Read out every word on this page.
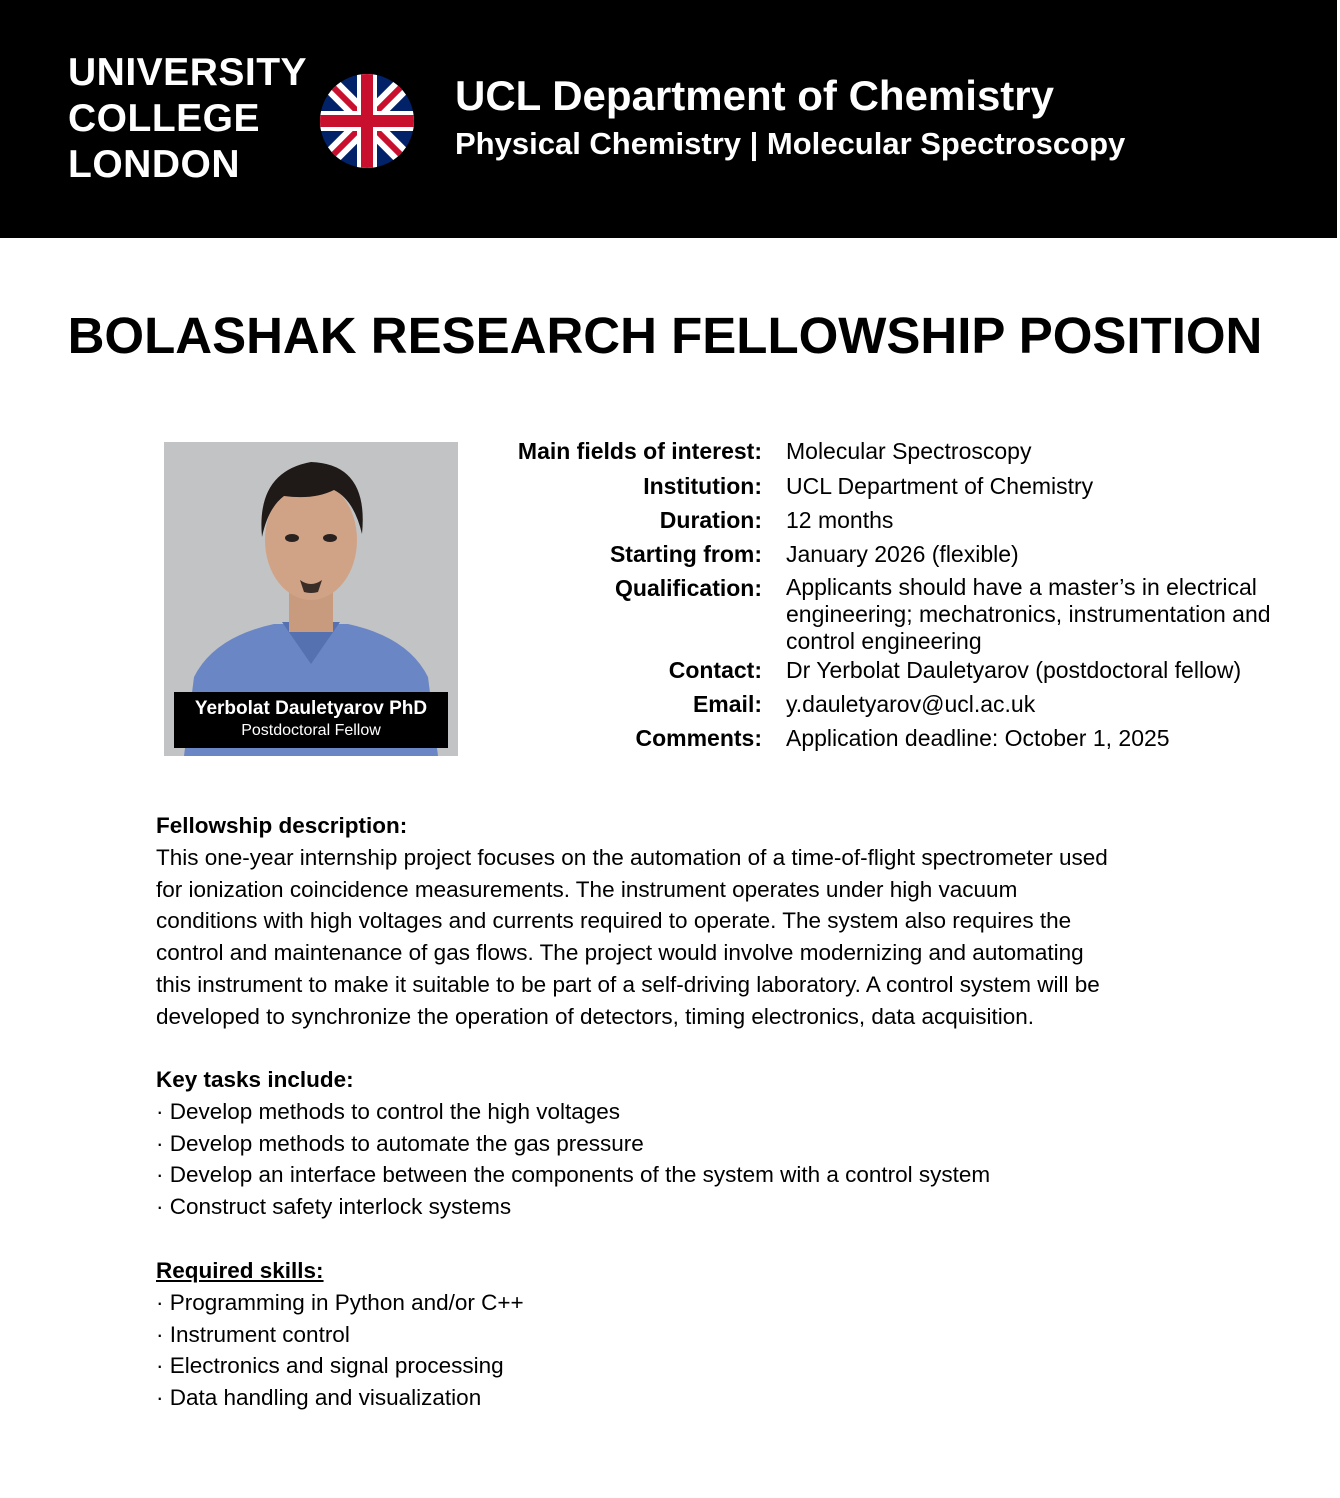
UNIVERSITY
COLLEGE
LONDON
UCL Department of Chemistry
Physical Chemistry | Molecular Spectroscopy
BOLASHAK RESEARCH FELLOWSHIP POSITION
Yerbolat Dauletyarov PhD
Postdoctoral Fellow
Main fields of interest: Molecular Spectroscopy
Institution: UCL Department of Chemistry
Duration: 12 months
Starting from: January 2026 (flexible)
Qualification: Applicants should have a master’s in electrical engineering; mechatronics, instrumentation and control engineering
Contact: Dr Yerbolat Dauletyarov (postdoctoral fellow)
Email: y.dauletyarov@ucl.ac.uk
Comments: Application deadline: October 1, 2025
Fellowship description:
This one-year internship project focuses on the automation of a time-of-flight spectrometer used
for ionization coincidence measurements. The instrument operates under high vacuum
conditions with high voltages and currents required to operate. The system also requires the
control and maintenance of gas flows. The project would involve modernizing and automating
this instrument to make it suitable to be part of a self-driving laboratory. A control system will be
developed to synchronize the operation of detectors, timing electronics, data acquisition.
Key tasks include:
· Develop methods to control the high voltages
· Develop methods to automate the gas pressure
· Develop an interface between the components of the system with a control system
· Construct safety interlock systems
Required skills:
· Programming in Python and/or C++
· Instrument control
· Electronics and signal processing
· Data handling and visualization
